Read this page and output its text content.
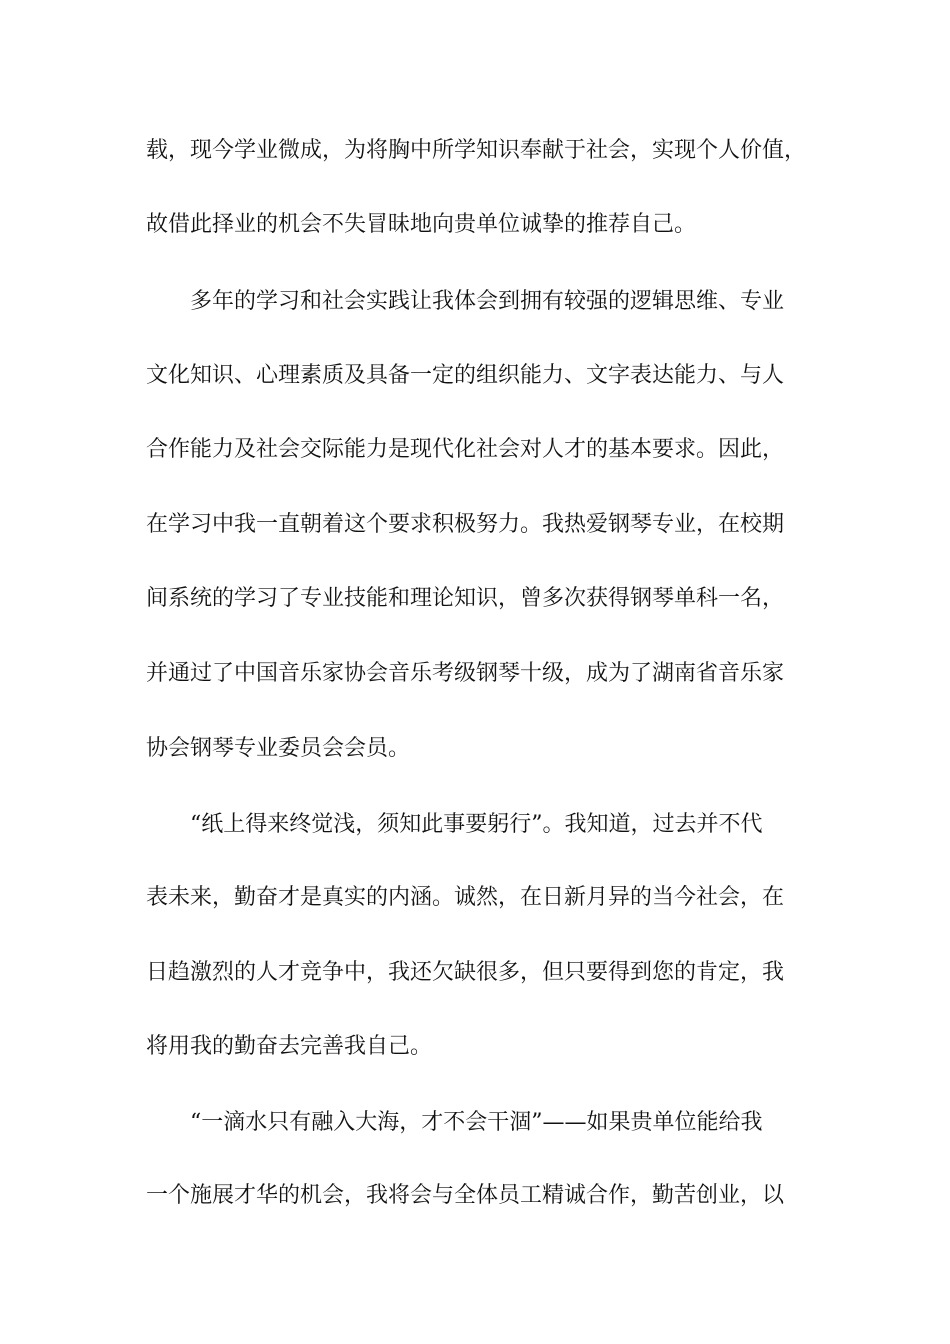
载，现今学业微成，为将胸中所学知识奉献于社会，实现个人价值，
故借此择业的机会不失冒昧地向贵单位诚挚的推荐自己。
多年的学习和社会实践让我体会到拥有较强的逻辑思维、专业
文化知识、心理素质及具备一定的组织能力、文字表达能力、与人
合作能力及社会交际能力是现代化社会对人才的基本要求。因此，
在学习中我一直朝着这个要求积极努力。我热爱钢琴专业，在校期
间系统的学习了专业技能和理论知识，曾多次获得钢琴单科一名，
并通过了中国音乐家协会音乐考级钢琴十级，成为了湖南省音乐家
协会钢琴专业委员会会员。
“纸上得来终觉浅，须知此事要躬行”。我知道，过去并不代
表未来，勤奋才是真实的内涵。诚然，在日新月异的当今社会，在
日趋激烈的人才竞争中，我还欠缺很多，但只要得到您的肯定，我
将用我的勤奋去完善我自己。
“一滴水只有融入大海，才不会干涸”——如果贵单位能给我
一个施展才华的机会，我将会与全体员工精诚合作，勤苦创业，以
